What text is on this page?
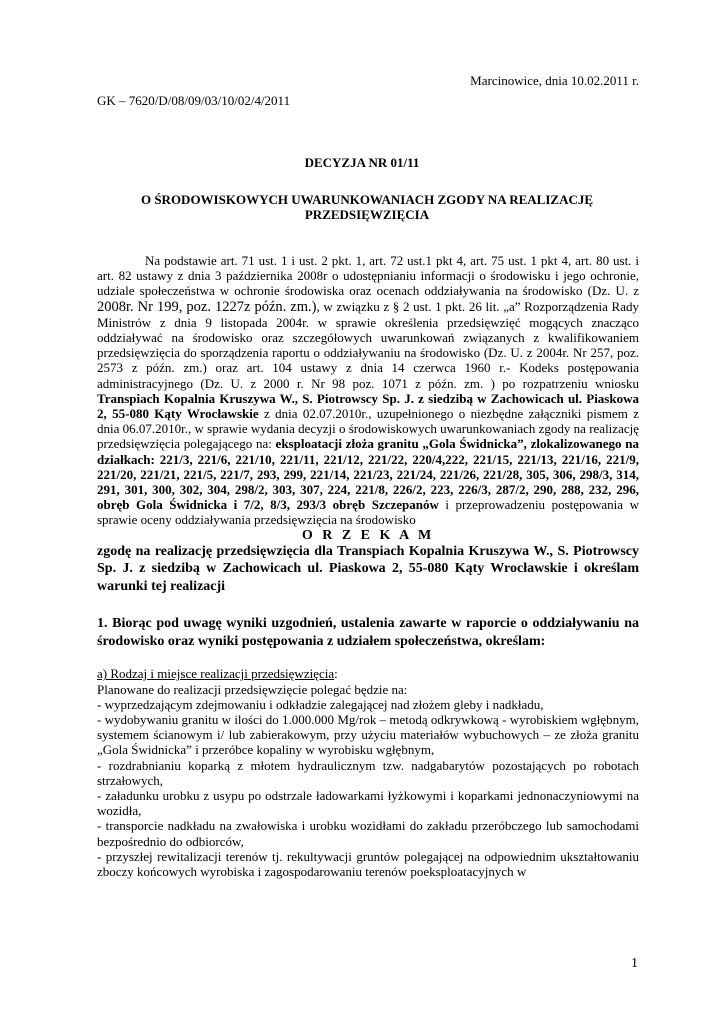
Marcinowice, dnia 10.02.2011 r.
GK – 7620/D/08/09/03/10/02/4/2011
DECYZJA NR 01/11
O ŚRODOWISKOWYCH UWARUNKOWANIACH ZGODY NA REALIZACJĘ PRZEDSIĘWZIĘCIA

Na podstawie art. 71 ust. 1 i ust. 2 pkt. 1, art. 72 ust.1 pkt 4, art. 75 ust. 1 pkt 4, art. 80 ust. i art. 82 ustawy z dnia 3 października 2008r o udostępnianiu informacji o środowisku i jego ochronie, udziale społeczeństwa w ochronie środowiska oraz ocenach oddziaływania na środowisko (Dz. U. z 2008r. Nr 199, poz. 1227z późn. zm.), w związku z § 2 ust. 1 pkt. 26 lit. „a” Rozporządzenia Rady Ministrów z dnia 9 listopada 2004r. w sprawie określenia przedsięwzięć mogących znacząco oddziaływać na środowisko oraz szczegółowych uwarunkowań związanych z kwalifikowaniem przedsięwzięcia do sporządzenia raportu o oddziaływaniu na środowisko (Dz. U. z 2004r. Nr 257, poz. 2573 z późn. zm.) oraz art. 104 ustawy z dnia 14 czerwca 1960 r.- Kodeks postępowania administracyjnego (Dz. U. z 2000 r. Nr 98 poz. 1071 z późn. zm. ) po rozpatrzeniu wniosku Transpiach Kopalnia Kruszywa W., S. Piotrowscy Sp. J. z siedzibą w Zachowicach ul. Piaskowa 2, 55-080 Kąty Wrocławskie z dnia 02.07.2010r., uzupełnionego o niezbędne załączniki pismem z dnia 06.07.2010r., w sprawie wydania decyzji o środowiskowych uwarunkowaniach zgody na realizację przedsięwzięcia polegającego na: eksploatacji złoża granitu „Gola Świdnicka”, zlokalizowanego na działkach: 221/3, 221/6, 221/10, 221/11, 221/12, 221/22, 220/4,222, 221/15, 221/13, 221/16, 221/9, 221/20, 221/21, 221/5, 221/7, 293, 299, 221/14, 221/23, 221/24, 221/26, 221/28, 305, 306, 298/3, 314, 291, 301, 300, 302, 304, 298/2, 303, 307, 224, 221/8, 226/2, 223, 226/3, 287/2, 290, 288, 232, 296, obręb Gola Świdnicka i 7/2, 8/3, 293/3 obręb Szczepanów i przeprowadzeniu postępowania w sprawie oceny oddziaływania przedsięwzięcia na środowisko

O R Z E K A M

zgodę na realizację przedsięwzięcia dla Transpiach Kopalnia Kruszywa W., S. Piotrowscy Sp. J. z siedzibą w Zachowicach ul. Piaskowa 2, 55-080 Kąty Wrocławskie i określam warunki tej realizacji

1. Biorąc pod uwagę wyniki uzgodnień, ustalenia zawarte w raporcie o oddziaływaniu na środowisko oraz wyniki postępowania z udziałem społeczeństwa, określam:

a) Rodzaj i miejsce realizacji przedsięwzięcia:

Planowane do realizacji przedsięwzięcie polegać będzie na:

- wyprzedzającym zdejmowaniu i odkładzie zalegającej nad złożem gleby i nadkładu,

- wydobywaniu granitu w ilości do 1.000.000 Mg/rok – metodą odkrywkową - wyrobiskiem wgłębnym, systemem ścianowym i/ lub zabierakowym, przy użyciu materiałów wybuchowych – ze złoża granitu „Gola Świdnicka” i przeróbce kopaliny w wyrobisku wgłębnym,

- rozdrabnianiu koparką z młotem hydraulicznym tzw. nadgabarytów pozostających po robotach strzałowych,

- załadunku urobku z usypu po odstrzale ładowarkami łyżkowymi i koparkami jednonaczyniowymi na wozidła,

- transporcie nadkładu na zwałowiska i urobku wozidłami do zakładu przeróbczego lub samochodami bezpośrednio do odbiorców,

- przyszłej rewitalizacji terenów tj. rekultywacji gruntów polegającej na odpowiednim ukształtowaniu zboczy końcowych wyrobiska i zagospodarowaniu terenów poeksploatacyjnych w

1
